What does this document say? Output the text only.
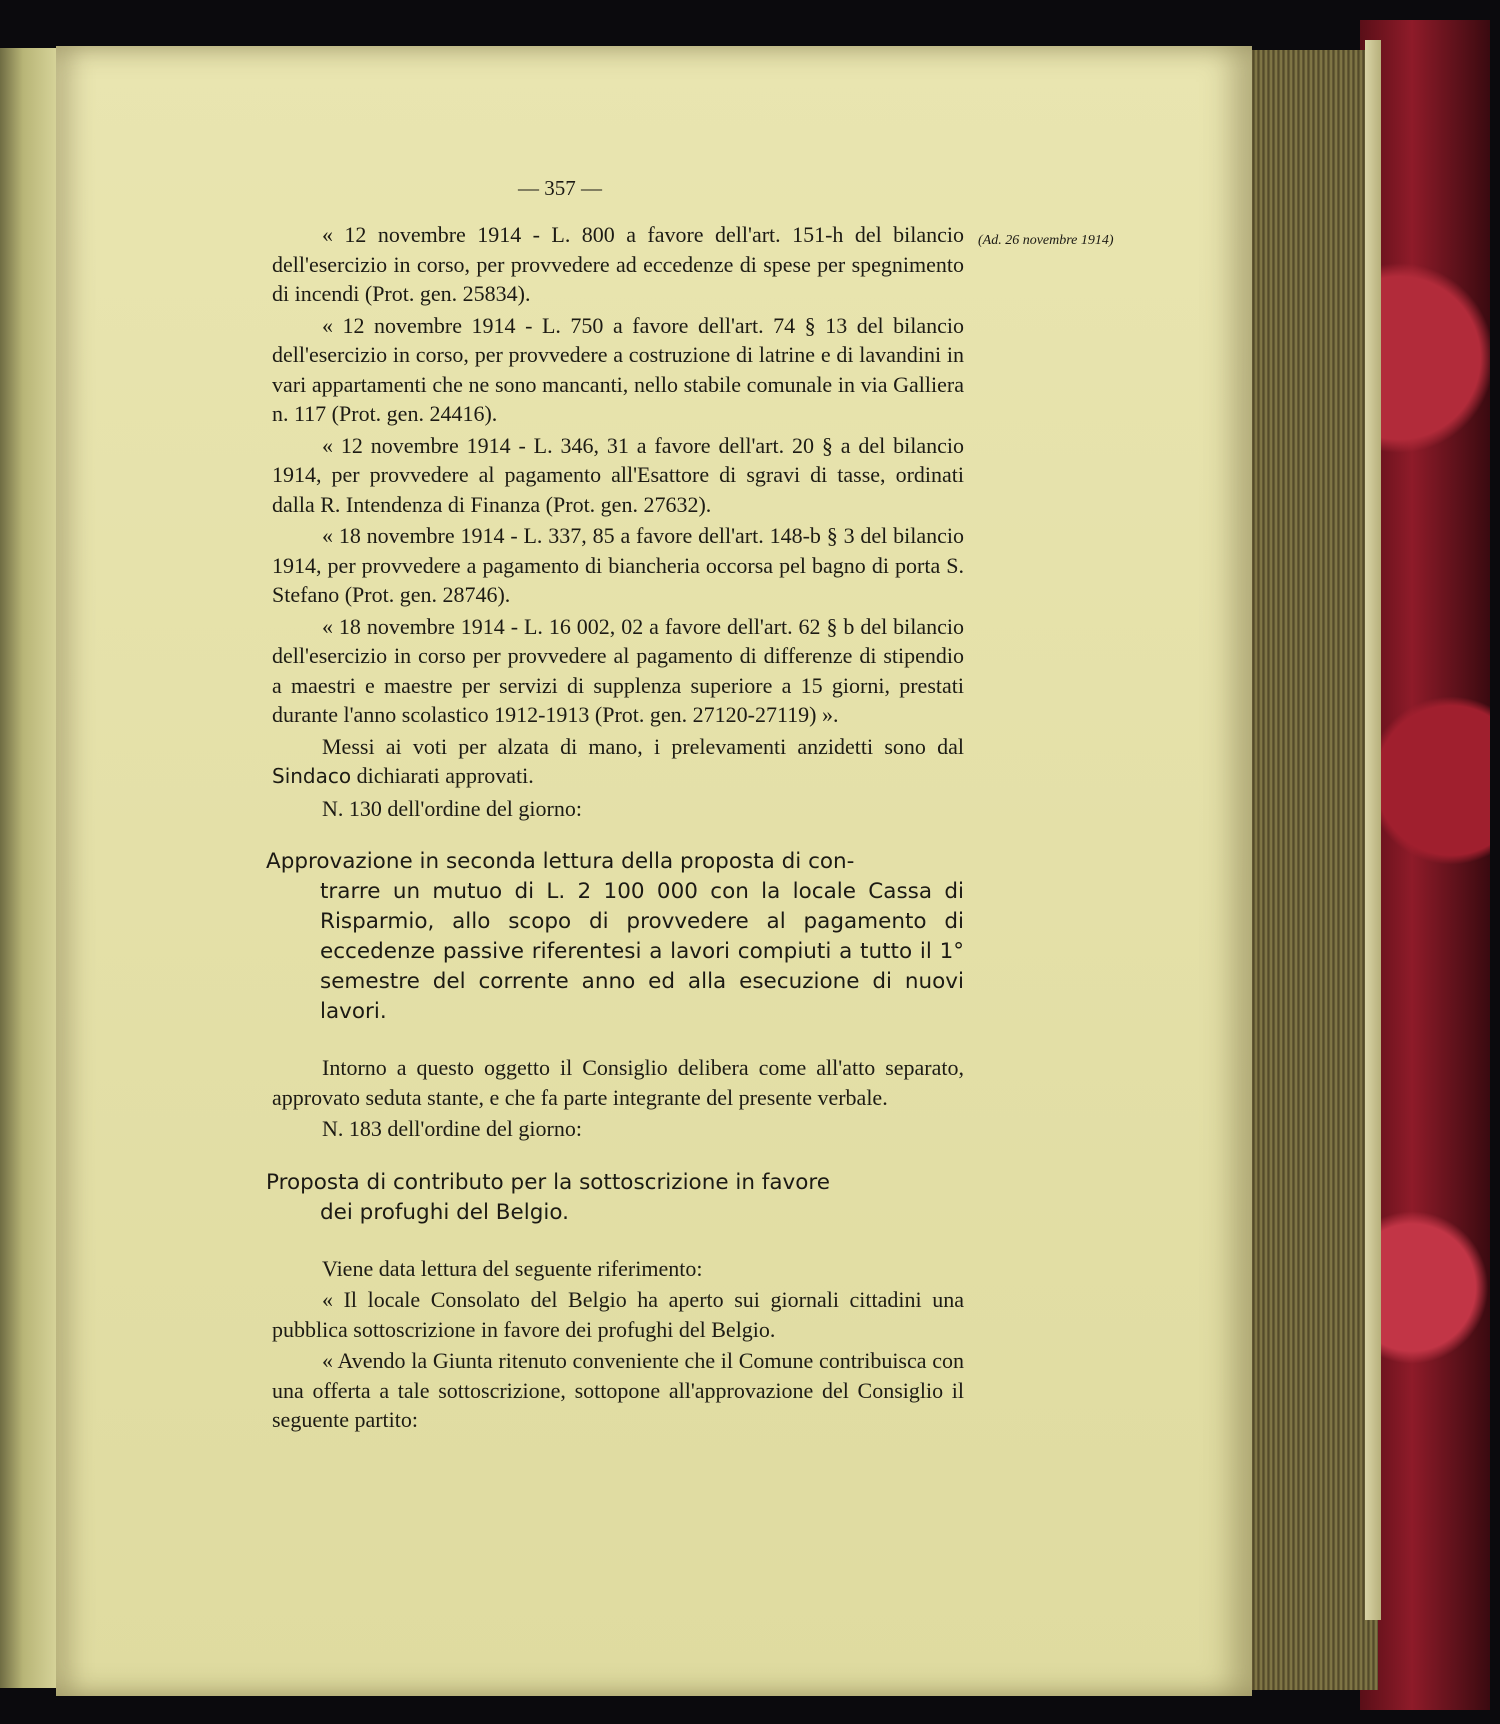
— 357 —
(Ad. 26 novembre 1914)

« 12 novembre 1914 - L. 800 a favore dell'art. 151-h del bilancio dell'esercizio in corso, per provvedere ad eccedenze di spese per spegnimento di incendi (Prot. gen. 25834).

« 12 novembre 1914 - L. 750 a favore dell'art. 74 § 13 del bilancio dell'esercizio in corso, per provvedere a costruzione di latrine e di lavandini in vari appartamenti che ne sono mancanti, nello stabile comunale in via Galliera n. 117 (Prot. gen. 24416).

« 12 novembre 1914 - L. 346, 31 a favore dell'art. 20 § a del bilancio 1914, per provvedere al pagamento all'Esattore di sgravi di tasse, ordinati dalla R. Intendenza di Finanza (Prot. gen. 27632).

« 18 novembre 1914 - L. 337, 85 a favore dell'art. 148-b § 3 del bilancio 1914, per provvedere a pagamento di biancheria occorsa pel bagno di porta S. Stefano (Prot. gen. 28746).

« 18 novembre 1914 - L. 16 002, 02 a favore dell'art. 62 § b del bilancio dell'esercizio in corso per provvedere al pagamento di differenze di stipendio a maestri e maestre per servizi di supplenza superiore a 15 giorni, prestati durante l'anno scolastico 1912-1913 (Prot. gen. 27120-27119) ».

Messi ai voti per alzata di mano, i prelevamenti anzidetti sono dal Sindaco dichiarati approvati.

N. 130 dell'ordine del giorno:

Approvazione in seconda lettura della proposta di con-
trarre un mutuo di L. 2 100 000 con la locale Cassa di Risparmio, allo scopo di provvedere al pagamento di eccedenze passive riferentesi a lavori compiuti a tutto il 1° semestre del corrente anno ed alla esecuzione di nuovi lavori.

Intorno a questo oggetto il Consiglio delibera come all'atto separato, approvato seduta stante, e che fa parte integrante del presente verbale.

N. 183 dell'ordine del giorno:

Proposta di contributo per la sottoscrizione in favore
dei profughi del Belgio.

Viene data lettura del seguente riferimento:

« Il locale Consolato del Belgio ha aperto sui giornali cittadini una pubblica sottoscrizione in favore dei profughi del Belgio.

« Avendo la Giunta ritenuto conveniente che il Comune contribuisca con una offerta a tale sottoscrizione, sottopone all'approvazione del Consiglio il seguente partito:
